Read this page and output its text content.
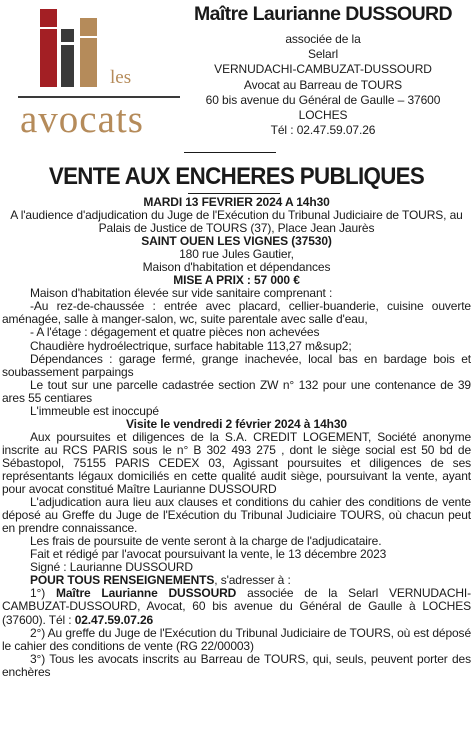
les
avocats

Maître Laurianne DUSSOURD

associée de la

Selarl

VERNUDACHI-CAMBUZAT-DUSSOURD

Avocat au Barreau de TOURS

60 bis avenue du Général de Gaulle – 37600

LOCHES

Tél : 02.47.59.07.26

VENTE AUX ENCHERES PUBLIQUES

MARDI 13 FEVRIER 2024 A 14h30

A l'audience d'adjudication du Juge de l'Exécution du Tribunal Judiciaire de TOURS, au Palais de Justice de TOURS (37), Place Jean Jaurès

SAINT OUEN LES VIGNES (37530)

180 rue Jules Gautier,

Maison d'habitation et dépendances

MISE A PRIX : 57 000 €

Maison d'habitation élevée sur vide sanitaire comprenant :

-Au rez-de-chaussée : entrée avec placard, cellier-buanderie, cuisine ouverte aménagée, salle à manger-salon, wc, suite parentale avec salle d'eau,

- A l'étage : dégagement et quatre pièces non achevées

Chaudière hydroélectrique, surface habitable 113,27 m&sup2;

Dépendances : garage fermé, grange inachevée, local bas en bardage bois et soubassement parpaings

Le tout sur une parcelle cadastrée section ZW n° 132 pour une contenance de 39 ares 55 centiares

L'immeuble est inoccupé

Visite le vendredi 2 février 2024 à 14h30

Aux poursuites et diligences de la S.A. CREDIT LOGEMENT, Société anonyme inscrite au RCS PARIS sous le n° B 302 493 275 , dont le siège social est 50 bd de Sébastopol, 75155 PARIS CEDEX 03, Agissant poursuites et diligences de ses représentants légaux domiciliés en cette qualité audit siège, poursuivant la vente, ayant pour avocat constitué Maître Laurianne DUSSOURD

L'adjudication aura lieu aux clauses et conditions du cahier des conditions de vente déposé au Greffe du Juge de l'Exécution du Tribunal Judiciaire TOURS, où chacun peut en prendre connaissance.

Les frais de poursuite de vente seront à la charge de l'adjudicataire.

Fait et rédigé par l'avocat poursuivant la vente, le 13 décembre 2023

Signé : Laurianne DUSSOURD

POUR TOUS RENSEIGNEMENTS, s'adresser à :

1°) Maître Laurianne DUSSOURD associée de la Selarl VERNUDACHI-CAMBUZAT-DUSSOURD, Avocat, 60 bis avenue du Général de Gaulle à LOCHES (37600). Tél : 02.47.59.07.26

2°) Au greffe du Juge de l'Exécution du Tribunal Judiciaire de TOURS, où est déposé le cahier des conditions de vente (RG 22/00003)

3°) Tous les avocats inscrits au Barreau de TOURS, qui, seuls, peuvent porter des enchères
